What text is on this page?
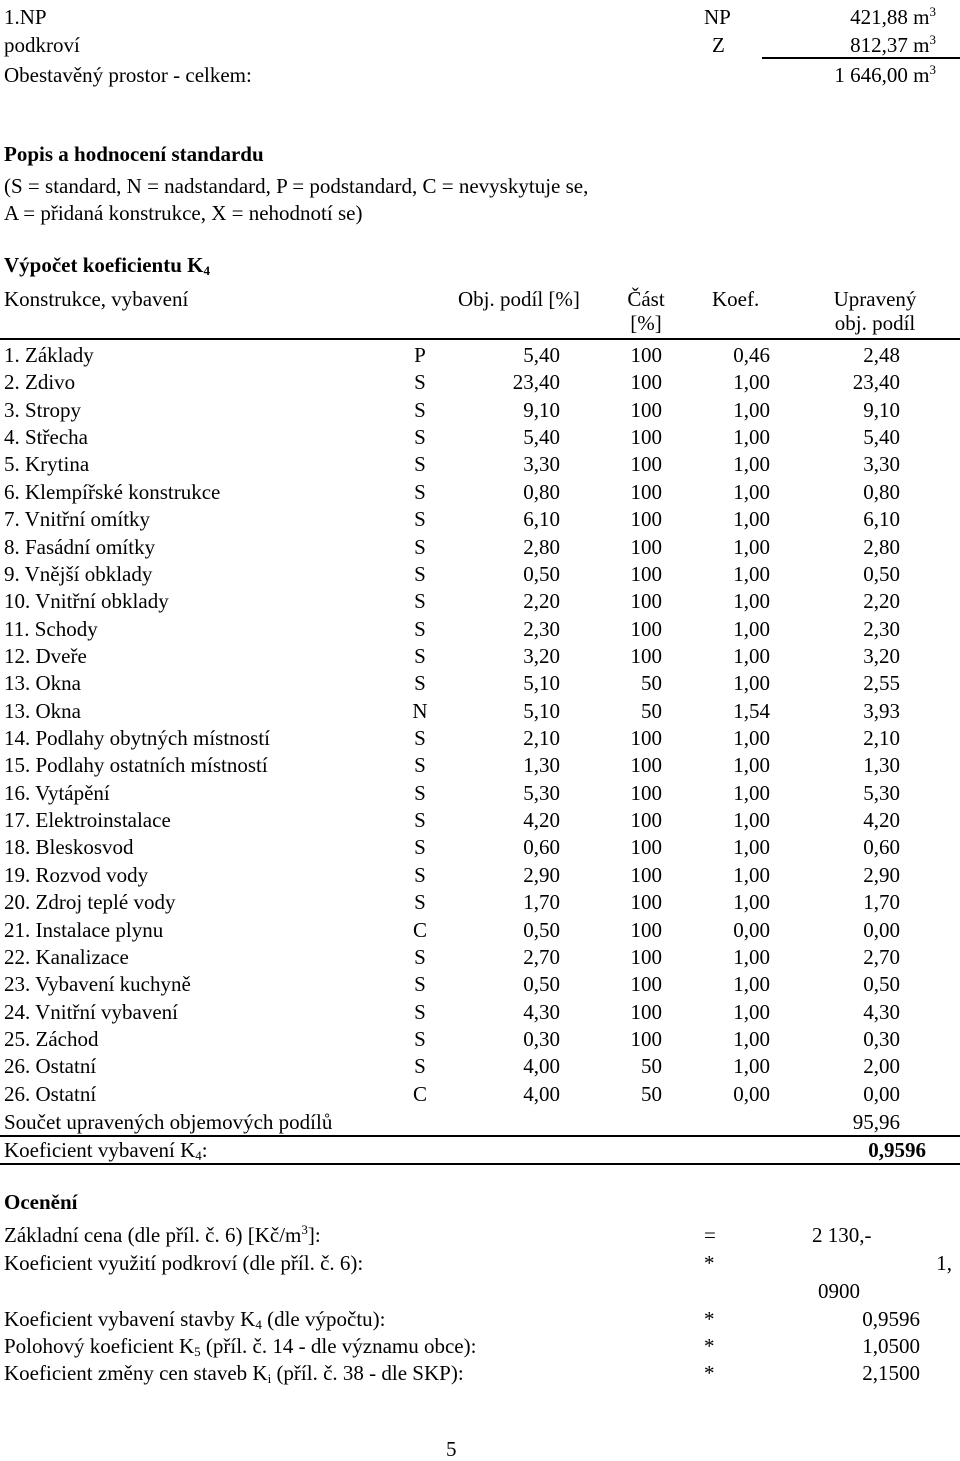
1.NP	NP	421,88 $m^3$
podkroví	Z	812,37 $m^3$
Obestavěný prostor - celkem:	1 646,00 $m^3$
Popis a hodnocení standardu
(S = standard, N = nadstandard, P = podstandard, C = nevyskytuje se,
A = přidaná konstrukce, X = nehodnotí se)
Výpočet koeficientu $K_4$
Konstrukce, vybavení	Obj. podíl [%]	Část
[%]
Koef.	Upravený
obj. podíl
1. Základy	P	5,40	100	0,46	2,48
2. Zdivo	S	23,40	100	1,00	23,40
3. Stropy	S	9,10	100	1,00	9,10
4. Střecha	S	5,40	100	1,00	5,40
5. Krytina	S	3,30	100	1,00	3,30
6. Klempířské konstrukce	S	0,80	100	1,00	0,80
7. Vnitřní omítky	S	6,10	100	1,00	6,10
8. Fasádní omítky	S	2,80	100	1,00	2,80
9. Vnější obklady	S	0,50	100	1,00	0,50
10. Vnitřní obklady	S	2,20	100	1,00	2,20
11. Schody	S	2,30	100	1,00	2,30
12. Dveře	S	3,20	100	1,00	3,20
13. Okna	S	5,10	50	1,00	2,55
13. Okna	N	5,10	50	1,54	3,93
14. Podlahy obytných místností	S	2,10	100	1,00	2,10
15. Podlahy ostatních místností	S	1,30	100	1,00	1,30
16. Vytápění	S	5,30	100	1,00	5,30
17. Elektroinstalace	S	4,20	100	1,00	4,20
18. Bleskosvod	S	0,60	100	1,00	0,60
19. Rozvod vody	S	2,90	100	1,00	2,90
20. Zdroj teplé vody	S	1,70	100	1,00	1,70
21. Instalace plynu	C	0,50	100	0,00	0,00
22. Kanalizace	S	2,70	100	1,00	2,70
23. Vybavení kuchyně	S	0,50	100	1,00	0,50
24. Vnitřní vybavení	S	4,30	100	1,00	4,30
25. Záchod	S	0,30	100	1,00	0,30
26. Ostatní	S	4,00	50	1,00	2,00
26. Ostatní	C	4,00	50	0,00	0,00
Součet upravených objemových podílů	95,96
Koeficient vybavení $K_4$:	0,9596
Ocenění
Základní cena (dle příl. č. 6) $[Kč/m^3]$:	=	2 130,-
Koeficient využití podkroví (dle příl. č. 6):	*	1,
0900
Koeficient vybavení stavby $K_4$ (dle výpočtu):	*	0,9596
Polohový koeficient $K_5$ (příl. č. 14 - dle významu obce):	*	1,0500
Koeficient změny cen staveb $K_i$ (příl. č. 38 - dle SKP):	*	2,1500
5
